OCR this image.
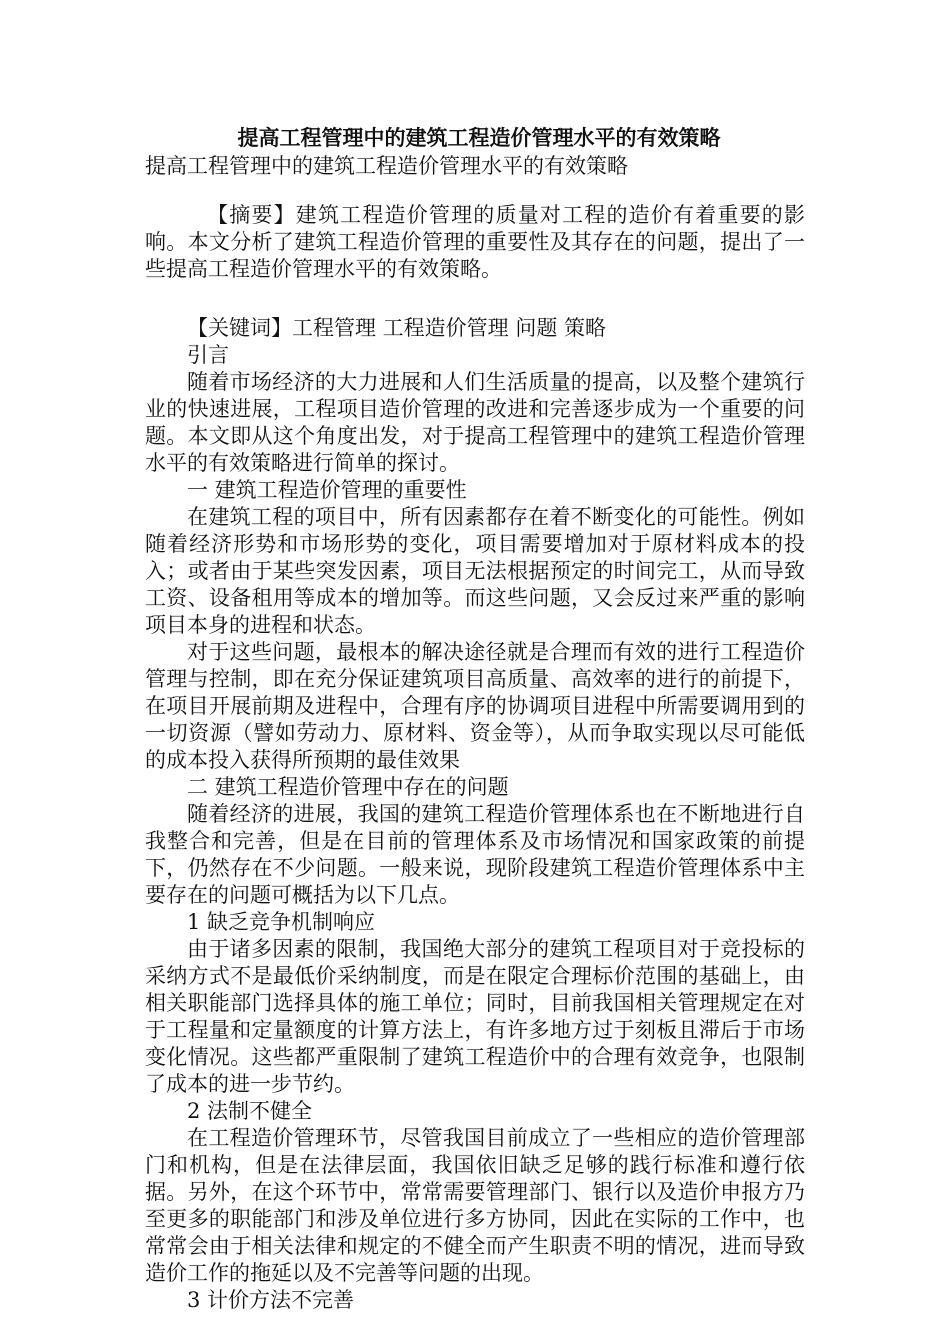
提高工程管理中的建筑工程造价管理水平的有效策略

提高工程管理中的建筑工程造价管理水平的有效策略

【摘要】建筑工程造价管理的质量对工程的造价有着重要的影响。本文分析了建筑工程造价管理的重要性及其存在的问题，提出了一些提高工程造价管理水平的有效策略。

【关键词】工程管理 工程造价管理 问题 策略

引言

随着市场经济的大力进展和人们生活质量的提高，以及整个建筑行业的快速进展，工程项目造价管理的改进和完善逐步成为一个重要的问题。本文即从这个角度出发，对于提高工程管理中的建筑工程造价管理水平的有效策略进行简单的探讨。

一 建筑工程造价管理的重要性

在建筑工程的项目中，所有因素都存在着不断变化的可能性。例如随着经济形势和市场形势的变化，项目需要增加对于原材料成本的投入；或者由于某些突发因素，项目无法根据预定的时间完工，从而导致工资、设备租用等成本的增加等。而这些问题，又会反过来严重的影响项目本身的进程和状态。

对于这些问题，最根本的解决途径就是合理而有效的进行工程造价管理与控制，即在充分保证建筑项目高质量、高效率的进行的前提下，在项目开展前期及进程中，合理有序的协调项目进程中所需要调用到的一切资源（譬如劳动力、原材料、资金等），从而争取实现以尽可能低的成本投入获得所预期的最佳效果

二 建筑工程造价管理中存在的问题

随着经济的进展，我国的建筑工程造价管理体系也在不断地进行自我整合和完善，但是在目前的管理体系及市场情况和国家政策的前提下，仍然存在不少问题。一般来说，现阶段建筑工程造价管理体系中主要存在的问题可概括为以下几点。

1 缺乏竞争机制响应

由于诸多因素的限制，我国绝大部分的建筑工程项目对于竞投标的采纳方式不是最低价采纳制度，而是在限定合理标价范围的基础上，由相关职能部门选择具体的施工单位；同时，目前我国相关管理规定在对于工程量和定量额度的计算方法上，有许多地方过于刻板且滞后于市场变化情况。这些都严重限制了建筑工程造价中的合理有效竞争，也限制了成本的进一步节约。

2 法制不健全

在工程造价管理环节，尽管我国目前成立了一些相应的造价管理部门和机构，但是在法律层面，我国依旧缺乏足够的践行标准和遵行依据。另外，在这个环节中，常常需要管理部门、银行以及造价申报方乃至更多的职能部门和涉及单位进行多方协同，因此在实际的工作中，也常常会由于相关法律和规定的不健全而产生职责不明的情况，进而导致造价工作的拖延以及不完善等问题的出现。

3 计价方法不完善
